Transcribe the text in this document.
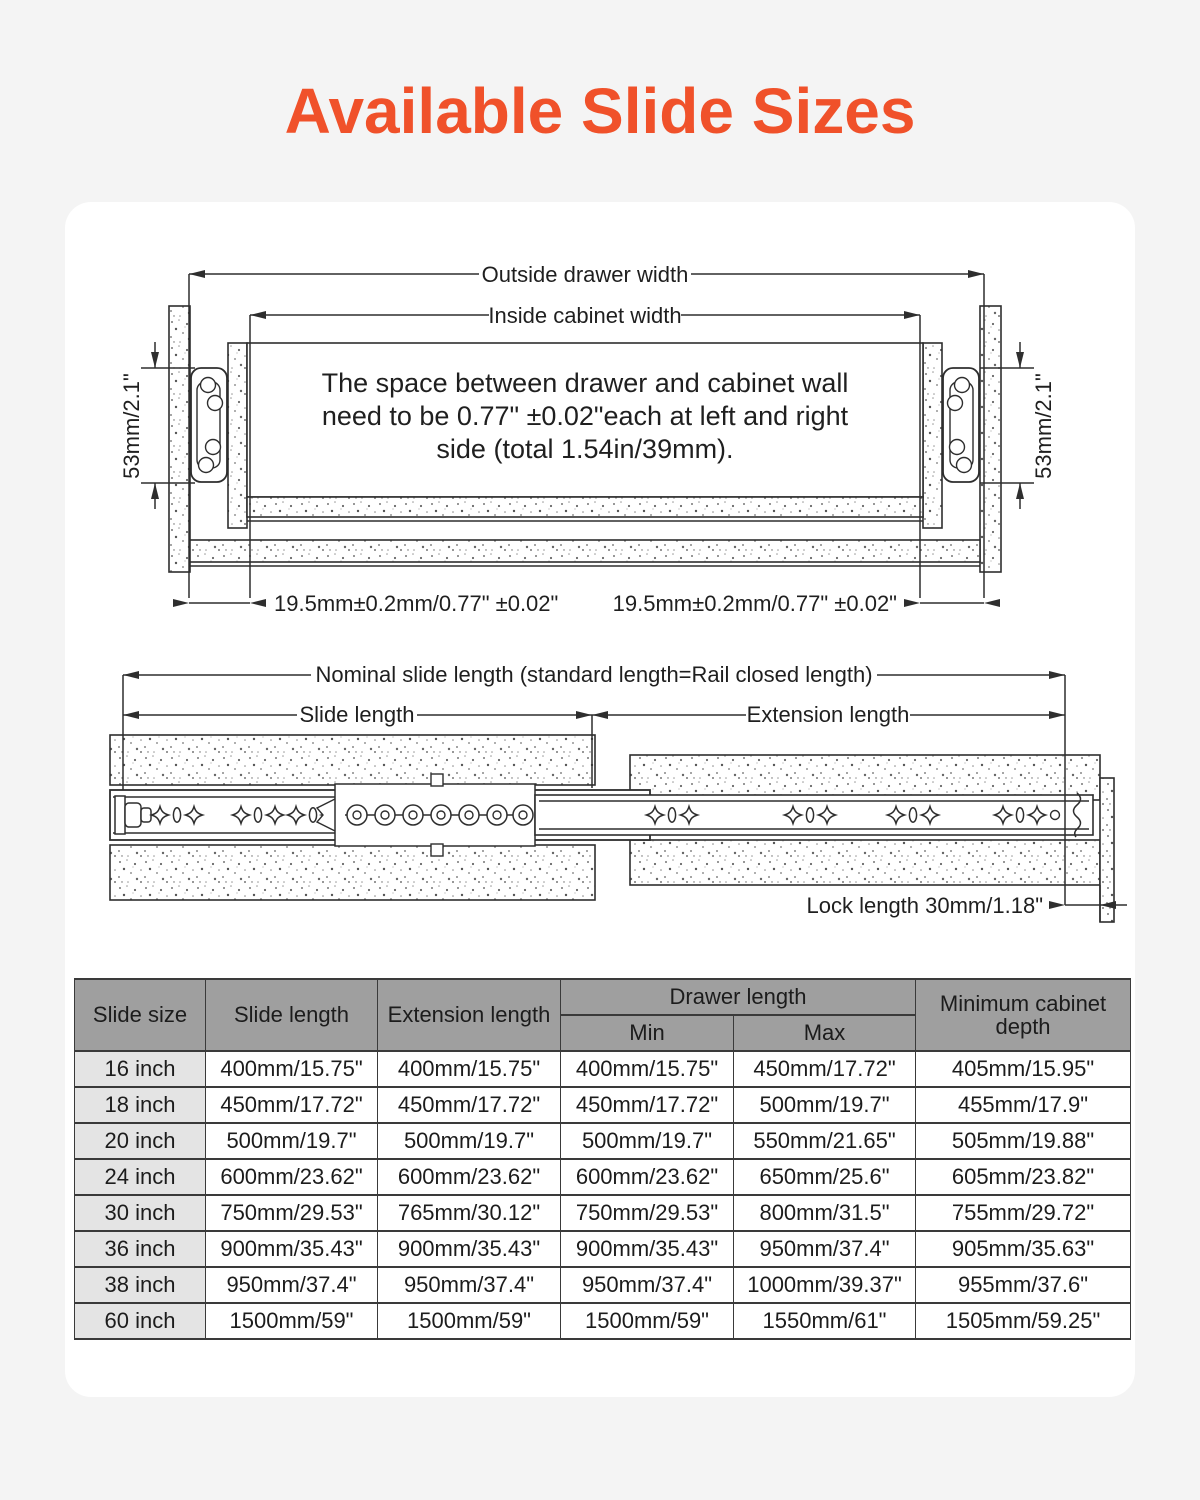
Available Slide Sizes
Outside drawer width
Inside cabinet width
53mm/2.1"	53mm/2.1"
19.5mm±0.2mm/0.77" ±0.02" 19.5mm±0.2mm/0.77" ±0.02"
The space between drawer and cabinet wall
need to be 0.77" ±0.02"each at left and right
side (total 1.54in/39mm).
Nominal slide length (standard length=Rail closed length)
Slide length	Extension length
Lock length 30mm/1.18"
Slide size	Slide length	Extension length	Drawer length		Minimum cabinet depth
			Min	Max	
16 inch	400mm/15.75"	400mm/15.75"	400mm/15.75"	450mm/17.72"	405mm/15.95"
18 inch	450mm/17.72"	450mm/17.72"	450mm/17.72"	500mm/19.7"	455mm/17.9"
20 inch	500mm/19.7"	500mm/19.7"	500mm/19.7"	550mm/21.65"	505mm/19.88"
24 inch	600mm/23.62"	600mm/23.62"	600mm/23.62"	650mm/25.6"	605mm/23.82"
30 inch	750mm/29.53"	765mm/30.12"	750mm/29.53"	800mm/31.5"	755mm/29.72"
36 inch	900mm/35.43"	900mm/35.43"	900mm/35.43"	950mm/37.4"	905mm/35.63"
38 inch	950mm/37.4"	950mm/37.4"	950mm/37.4"	1000mm/39.37"	955mm/37.6"
60 inch	1500mm/59"	1500mm/59"	1500mm/59"	1550mm/61"	1505mm/59.25"
